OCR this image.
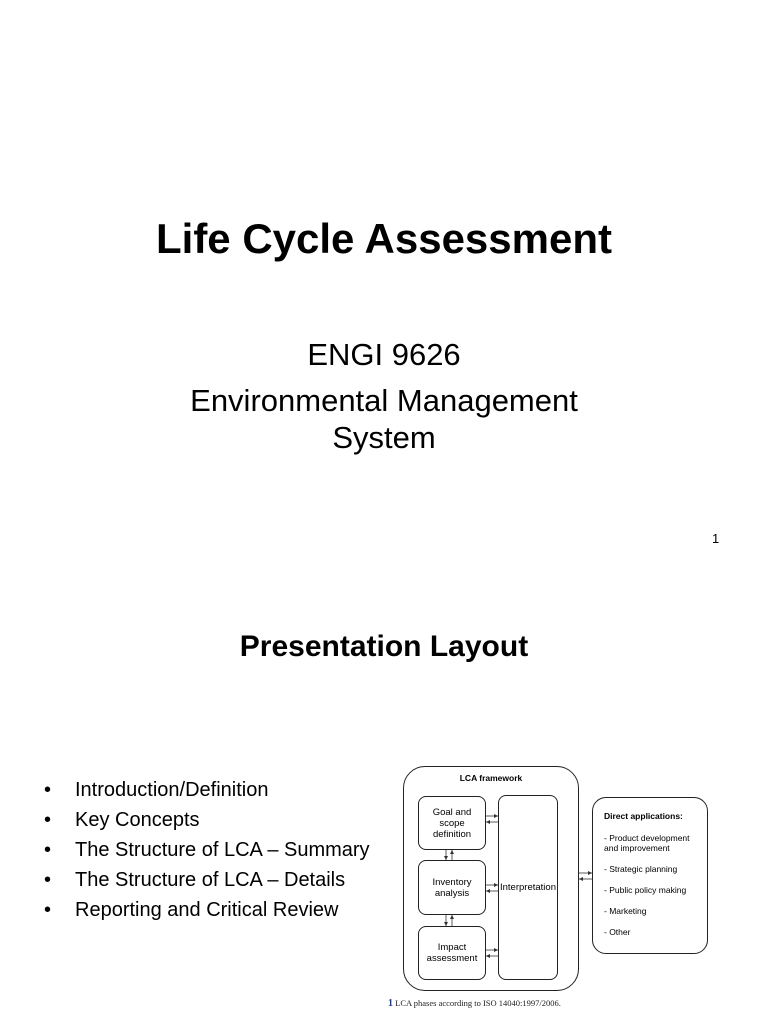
Life Cycle Assessment
ENGI 9626
Environmental Management
System
1
Presentation Layout
• Introduction/Definition
• Key Concepts
• The Structure of LCA – Summary
• The Structure of LCA – Details
• Reporting and Critical Review
LCA framework
Goal and scope definition
Inventory analysis
Impact assessment
Interpretation
Direct applications:
- Product development and improvement
- Strategic planning
- Public policy making
- Marketing
- Other
1 LCA phases according to ISO 14040:1997/2006.
